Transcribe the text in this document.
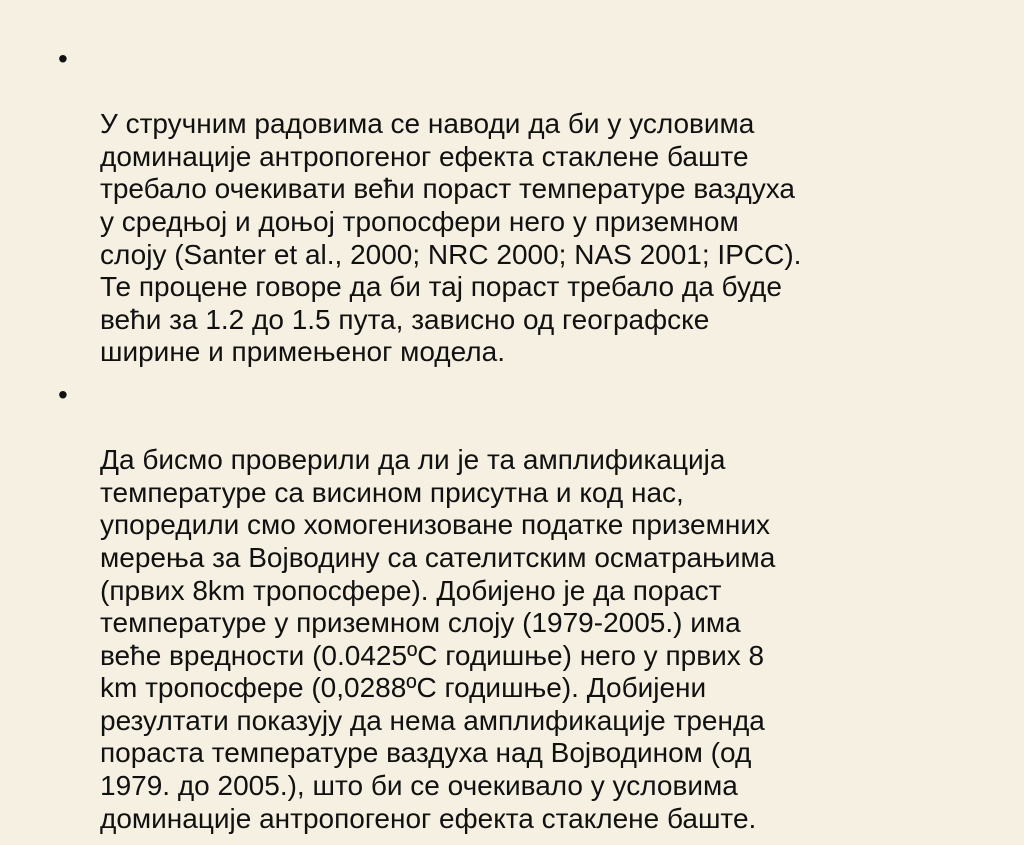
•

У стручним радовима се наводи да би у условима
доминације антропогеног ефекта стаклене баште
требало очекивати већи пораст температуре ваздуха
у средњој и доњој тропосфери него у приземном
слоју (Santer et al., 2000; NRC 2000; NAS 2001; IPCC).
Те процене говоре да би тај пораст требало да буде
већи за 1.2 до 1.5 пута, зависно од географске
ширине и примењеног модела.

•

Да бисмо проверили да ли је та амплификација
температуре са висином присутна и код нас,
упоредили смо хомогенизоване податке приземних
мерења за Војводину са сателитским осматрањима
(првих 8km тропосфере). Добијено је да пораст
температуре у приземном слоју (1979-2005.) има
веће вредности (0.0425ºC годишње) него у првих 8
km тропосфере (0,0288ºC годишње). Добијени
резултати показују да нема амплификације тренда
пораста температуре ваздуха над Војводином (од
1979. до 2005.), што би се очекивало у условима
доминације антропогеног ефекта стаклене баште.
